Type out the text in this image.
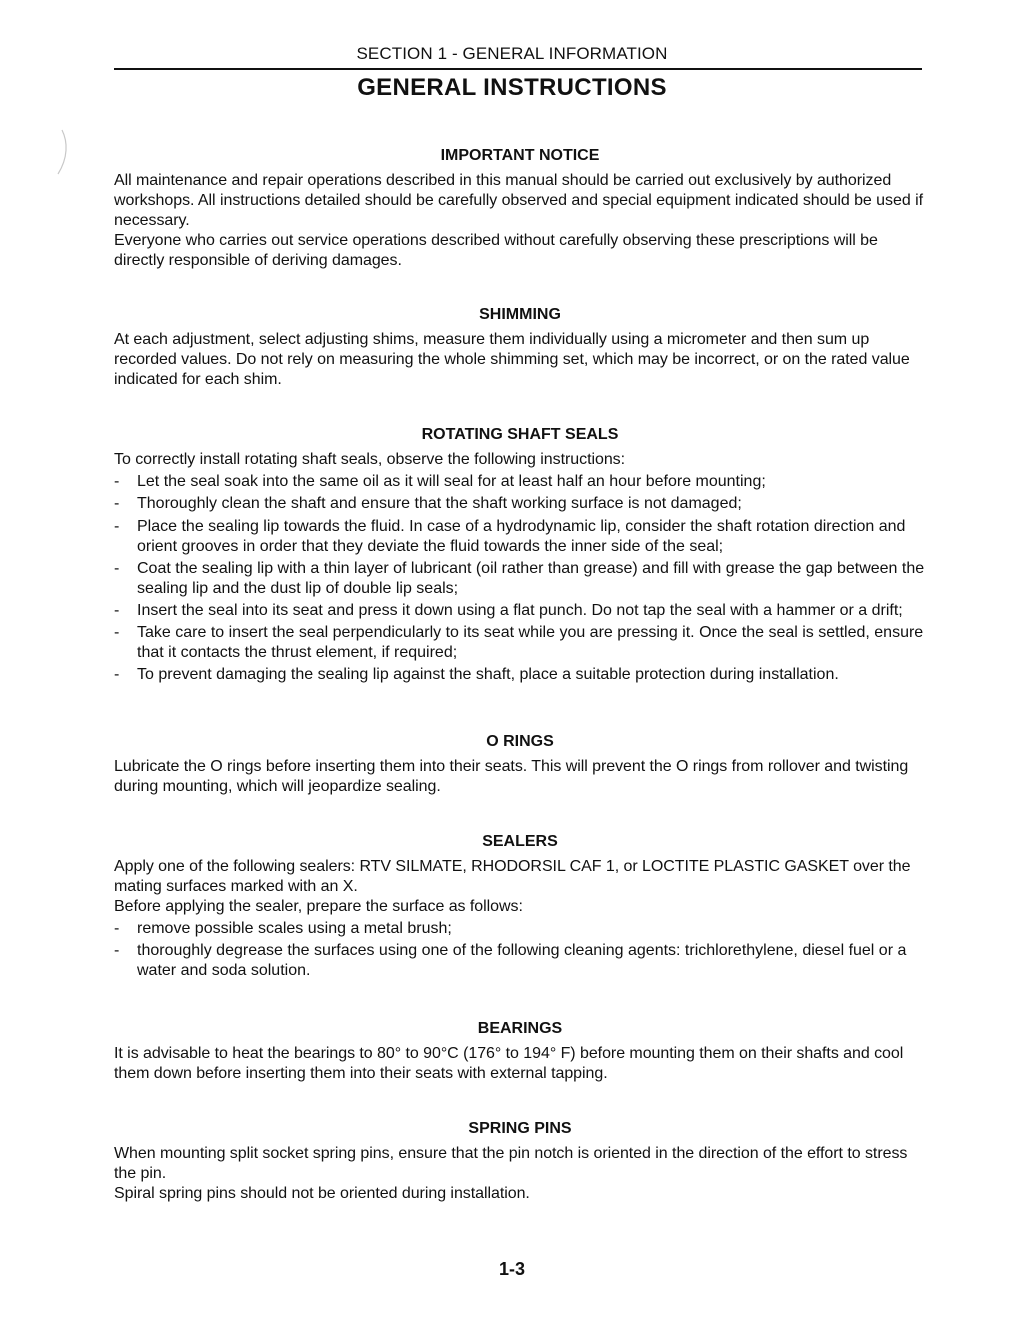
SECTION 1 - GENERAL INFORMATION
GENERAL INSTRUCTIONS
IMPORTANT NOTICE

All maintenance and repair operations described in this manual should be carried out exclusively by authorized workshops. All instructions detailed should be carefully observed and special equipment indicated should be used if necessary.

Everyone who carries out service operations described without carefully observing these prescriptions will be directly responsible of deriving damages.

SHIMMING

At each adjustment, select adjusting shims, measure them individually using a micrometer and then sum up recorded values. Do not rely on measuring the whole shimming set, which may be incorrect, or on the rated value indicated for each shim.

ROTATING SHAFT SEALS

To correctly install rotating shaft seals, observe the following instructions:

- Let the seal soak into the same oil as it will seal for at least half an hour before mounting;
- Thoroughly clean the shaft and ensure that the shaft working surface is not damaged;
- Place the sealing lip towards the fluid. In case of a hydrodynamic lip, consider the shaft rotation direction and orient grooves in order that they deviate the fluid towards the inner side of the seal;
- Coat the sealing lip with a thin layer of lubricant (oil rather than grease) and fill with grease the gap between the sealing lip and the dust lip of double lip seals;
- Insert the seal into its seat and press it down using a flat punch. Do not tap the seal with a hammer or a drift;
- Take care to insert the seal perpendicularly to its seat while you are pressing it. Once the seal is settled, ensure that it contacts the thrust element, if required;
- To prevent damaging the sealing lip against the shaft, place a suitable protection during installation.
O RINGS

Lubricate the O rings before inserting them into their seats. This will prevent the O rings from rollover and twisting during mounting, which will jeopardize sealing.

SEALERS

Apply one of the following sealers: RTV SILMATE, RHODORSIL CAF 1, or LOCTITE PLASTIC GASKET over the mating surfaces marked with an X.

Before applying the sealer, prepare the surface as follows:

- remove possible scales using a metal brush;
- thoroughly degrease the surfaces using one of the following cleaning agents: trichlorethylene, diesel fuel or a water and soda solution.
BEARINGS

It is advisable to heat the bearings to 80° to 90°C (176° to 194° F) before mounting them on their shafts and cool them down before inserting them into their seats with external tapping.

SPRING PINS

When mounting split socket spring pins, ensure that the pin notch is oriented in the direction of the effort to stress the pin.

Spiral spring pins should not be oriented during installation.

1-3
